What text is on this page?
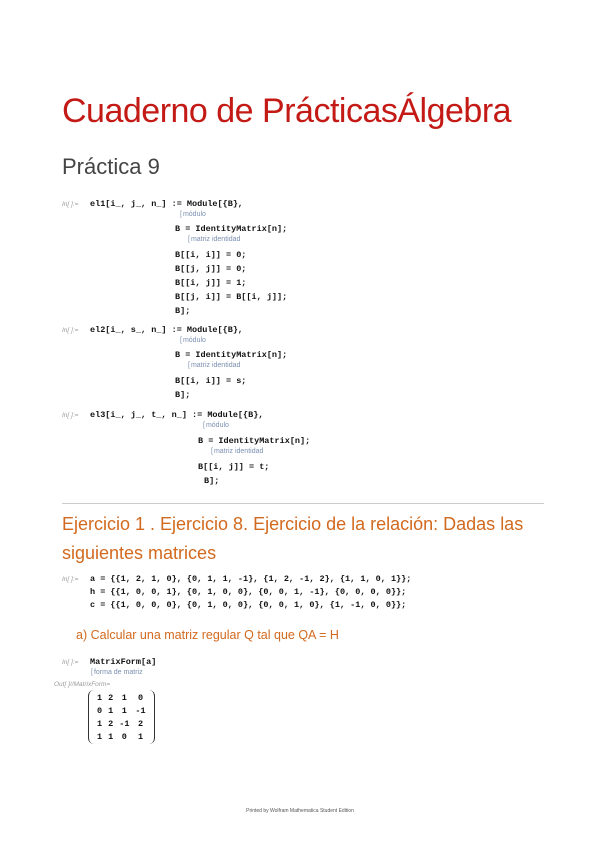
Cuaderno de PrácticasÁlgebra
Práctica 9
In[ ]:= el1[i_, j_, n_] := Module[{B},
[ módulo
B = IdentityMatrix[n];
[ matriz identidad
B[[i, i]] = 0;
B[[j, j]] = 0;
B[[i, j]] = 1;
B[[j, i]] = B[[i, j]];
B];
In[ ]:= el2[i_, s_, n_] := Module[{B},
[ módulo
B = IdentityMatrix[n];
[ matriz identidad
B[[i, i]] = s;
B];
In[ ]:= el3[i_, j_, t_, n_] := Module[{B},
[ módulo
B = IdentityMatrix[n];
[ matriz identidad
B[[i, j]] = t;
B];
Ejercicio 1 . Ejercicio 8. Ejercicio de la relación: Dadas las siguientes matrices
In[ ]:= a = {{1, 2, 1, 0}, {0, 1, 1, -1}, {1, 2, -1, 2}, {1, 1, 0, 1}};
h = {{1, 0, 0, 1}, {0, 1, 0, 0}, {0, 0, 1, -1}, {0, 0, 0, 0}};
c = {{1, 0, 0, 0}, {0, 1, 0, 0}, {0, 0, 1, 0}, {1, -1, 0, 0}};
a) Calcular una matriz regular Q tal que QA = H
In[ ]:= MatrixForm[a]
[ forma de matriz
Out[ ]//MatrixForm=
1	2	1	0
0	1	1	-1
1	2	-1	2
1	1	0	1
Printed by Wolfram Mathematica Student Edition
